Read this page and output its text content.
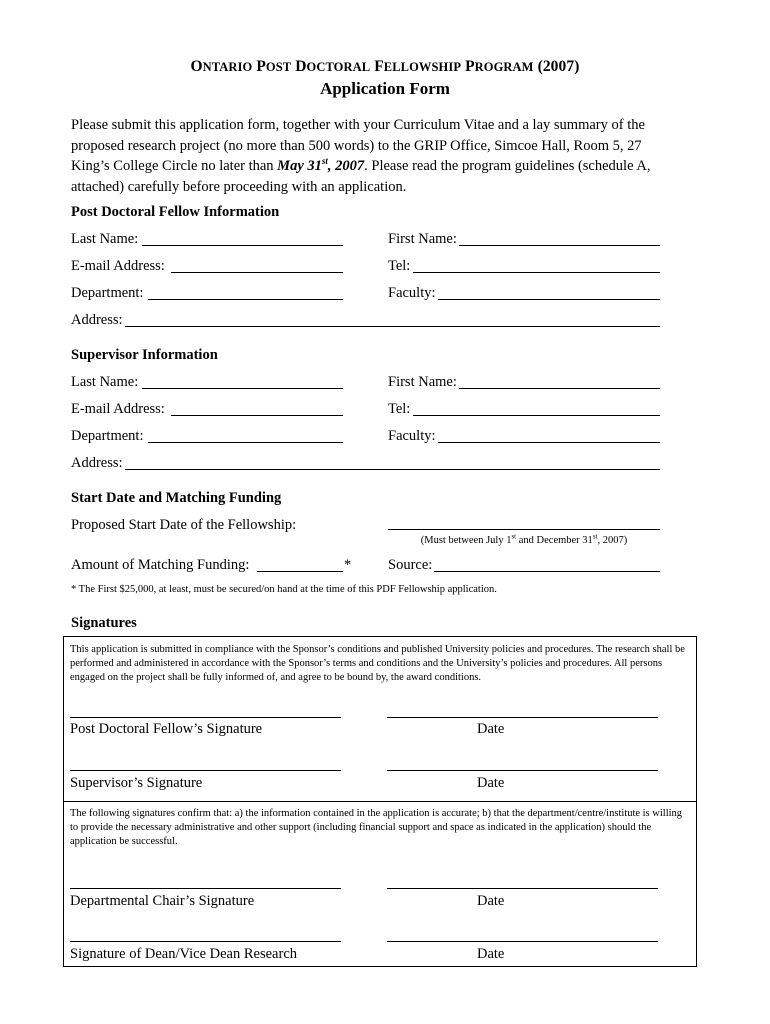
ONTARIO POST DOCTORAL FELLOWSHIP PROGRAM (2007)
Application Form
Please submit this application form, together with your Curriculum Vitae and a lay summary of the proposed research project (no more than 500 words) to the GRIP Office, Simcoe Hall, Room 5, 27 King’s College Circle no later than May 31st, 2007. Please read the program guidelines (schedule A, attached) carefully before proceeding with an application.
Post Doctoral Fellow Information
Last Name:	First Name:
E-mail Address:	Tel:
Department:	Faculty:
Address:
Supervisor Information
Last Name:	First Name:
E-mail Address:	Tel:
Department:	Faculty:
Address:
Start Date and Matching Funding
Proposed Start Date of the Fellowship:
(Must between July 1st and December 31st, 2007)
Amount of Matching Funding:	*	Source:
* The First $25,000, at least, must be secured/on hand at the time of this PDF Fellowship application.
Signatures
This application is submitted in compliance with the Sponsor’s conditions and published University policies and procedures. The research shall be performed and administered in accordance with the Sponsor’s terms and conditions and the University’s policies and procedures. All persons engaged on the project shall be fully informed of, and agree to be bound by, the award conditions.
Post Doctoral Fellow’s Signature	Date
Supervisor’s Signature	Date
The following signatures confirm that: a) the information contained in the application is accurate; b) that the department/centre/institute is willing to provide the necessary administrative and other support (including financial support and space as indicated in the application) should the application be successful.
Departmental Chair’s Signature	Date
Signature of Dean/Vice Dean Research	Date
